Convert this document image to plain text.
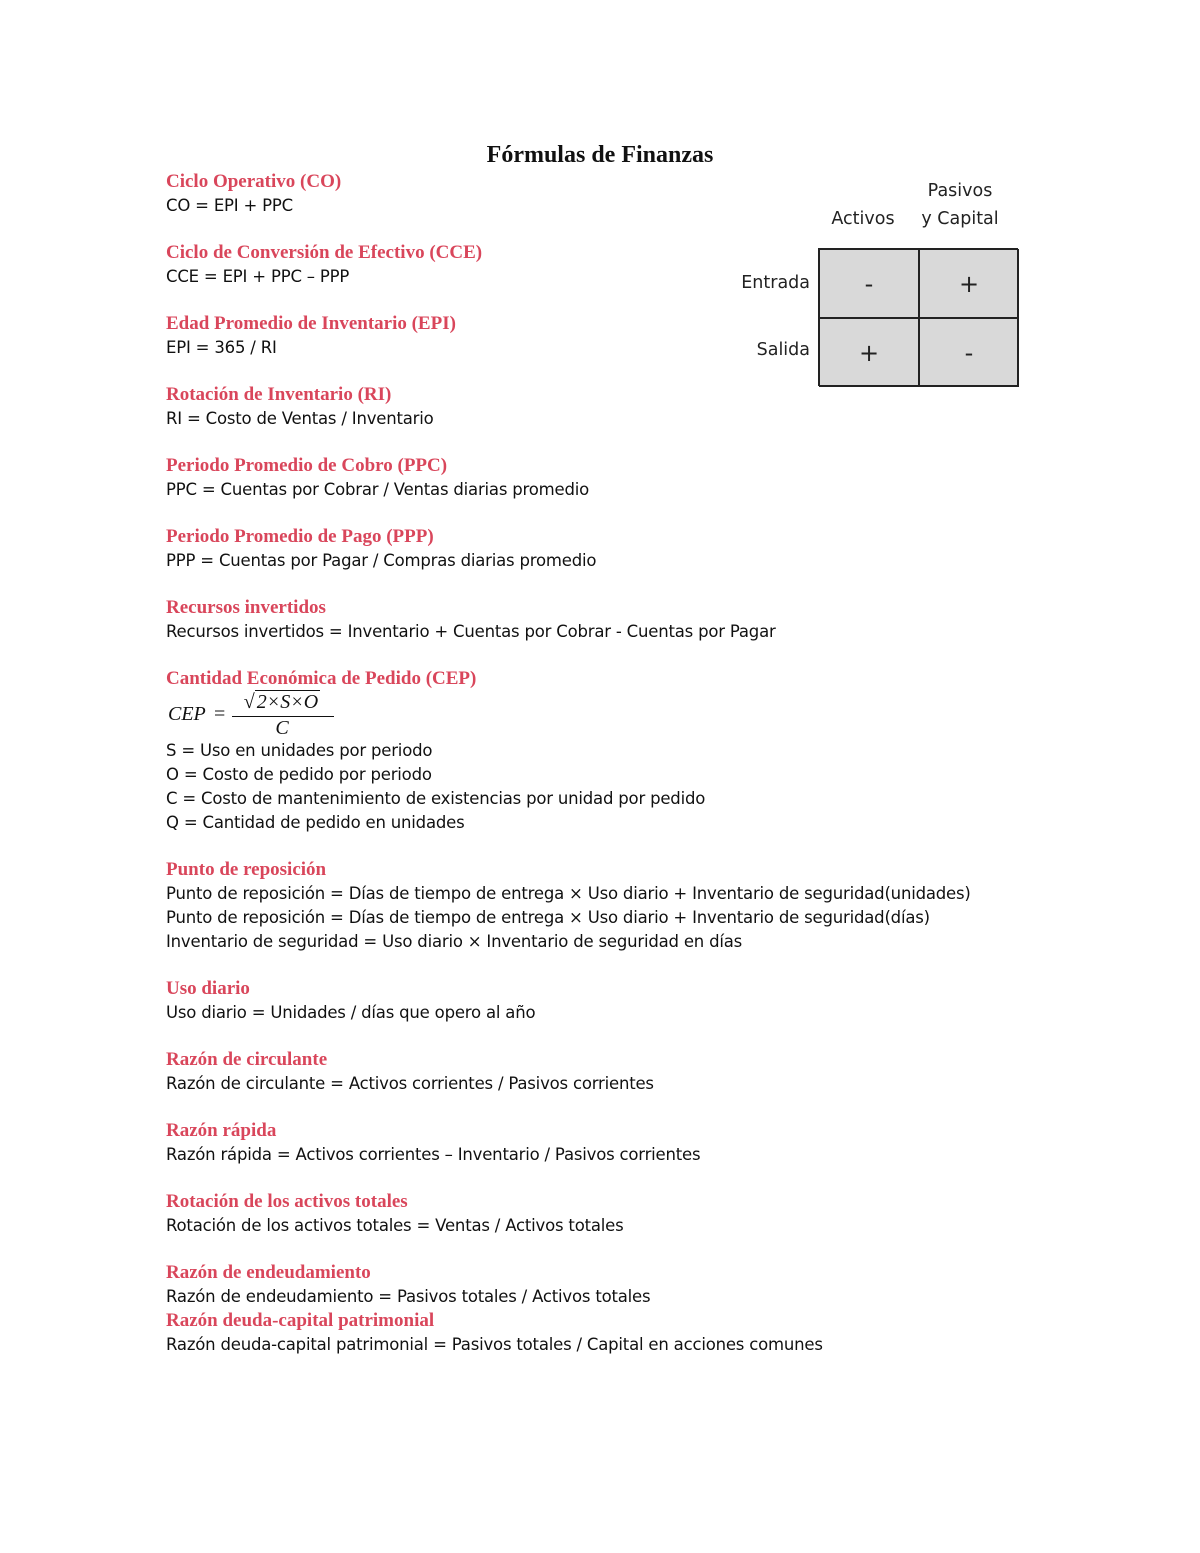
Fórmulas de Finanzas
Ciclo Operativo (CO)
CO = EPI + PPC
Ciclo de Conversión de Efectivo (CCE)
CCE = EPI + PPC – PPP
Edad Promedio de Inventario (EPI)
EPI = 365 / RI
Rotación de Inventario (RI)
RI = Costo de Ventas / Inventario
Periodo Promedio de Cobro (PPC)
PPC = Cuentas por Cobrar / Ventas diarias promedio
Periodo Promedio de Pago (PPP)
PPP = Cuentas por Pagar / Compras diarias promedio
Recursos invertidos
Recursos invertidos = Inventario + Cuentas por Cobrar - Cuentas por Pagar
Cantidad Económica de Pedido (CEP)
CEP =
√ 2×S×O
C
S = Uso en unidades por periodo
O = Costo de pedido por periodo
C = Costo de mantenimiento de existencias por unidad por pedido
Q = Cantidad de pedido en unidades
Punto de reposición
Punto de reposición = Días de tiempo de entrega × Uso diario + Inventario de seguridad(unidades)
Punto de reposición = Días de tiempo de entrega × Uso diario + Inventario de seguridad(días)
Inventario de seguridad = Uso diario × Inventario de seguridad en días
Uso diario
Uso diario = Unidades / días que opero al año
Razón de circulante
Razón de circulante = Activos corrientes / Pasivos corrientes
Razón rápida
Razón rápida = Activos corrientes – Inventario / Pasivos corrientes
Rotación de los activos totales
Rotación de los activos totales = Ventas / Activos totales
Razón de endeudamiento
Razón de endeudamiento = Pasivos totales / Activos totales
Razón deuda-capital patrimonial
Razón deuda-capital patrimonial = Pasivos totales / Capital en acciones comunes
Activos
Pasivos
y Capital
Entrada
Salida
-	+
+	-
